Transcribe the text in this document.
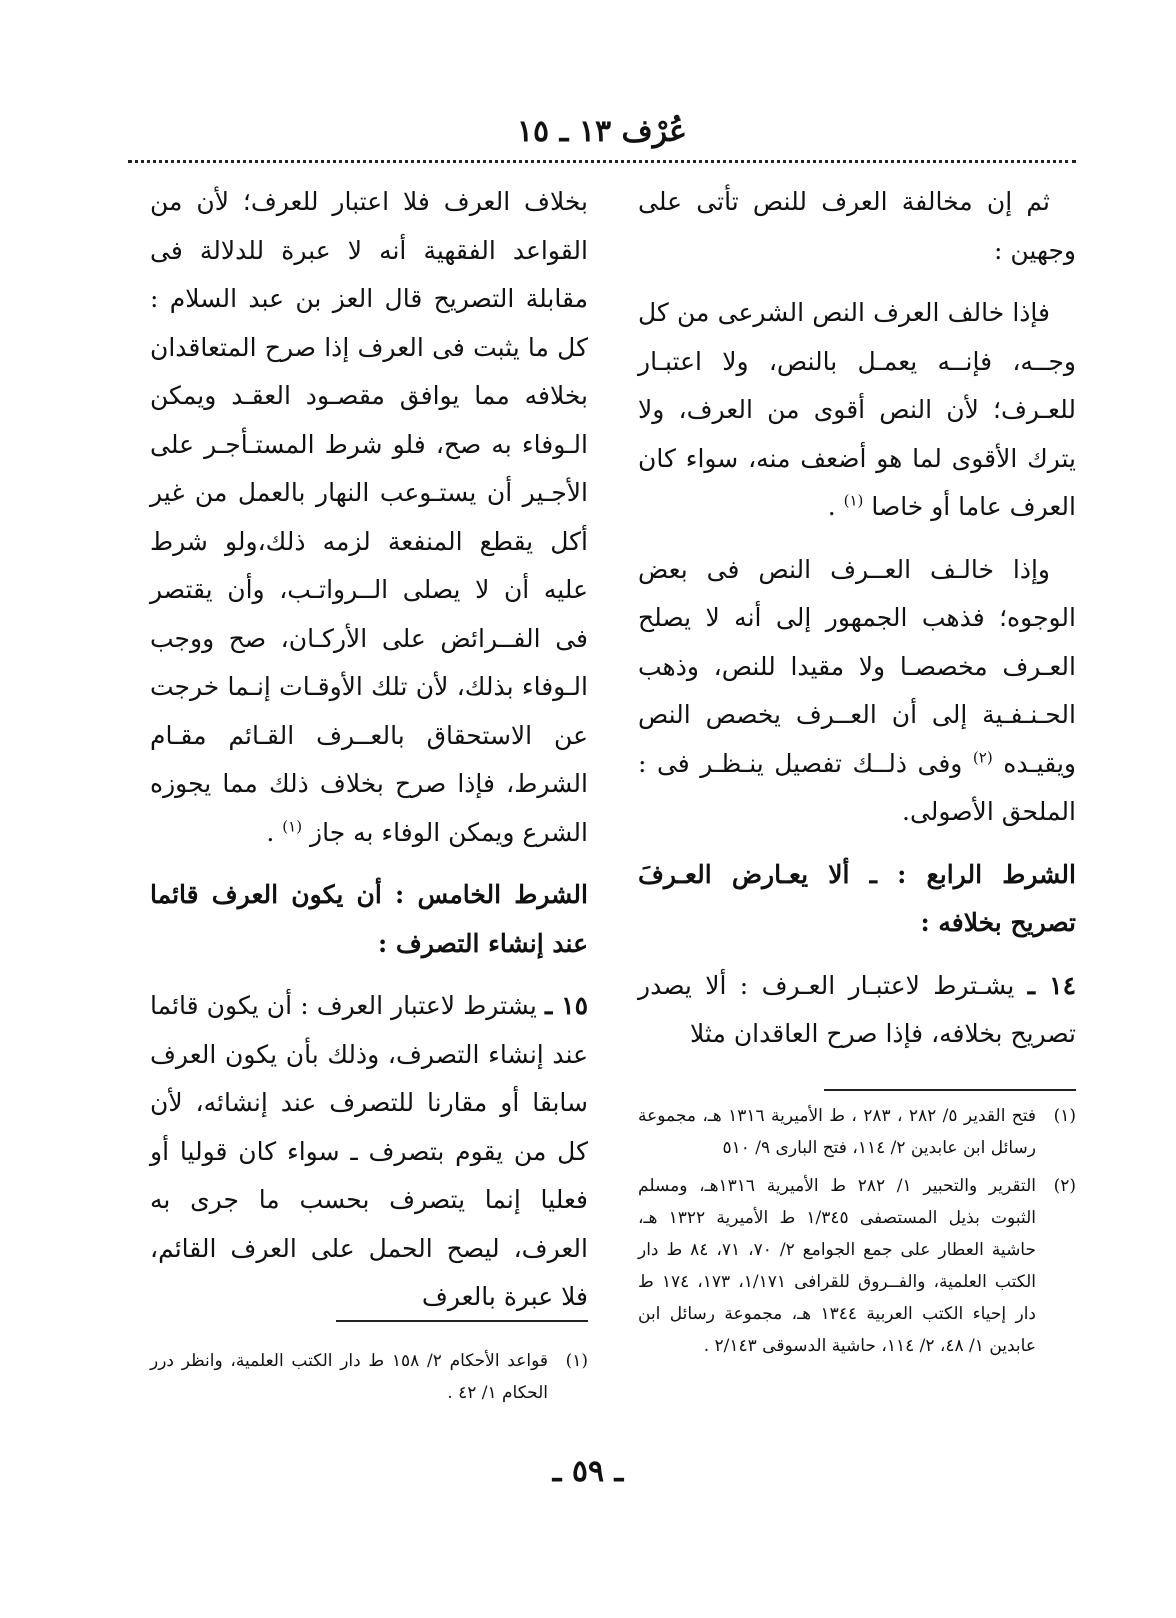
عُرْف ١٣ ـ ١٥

ثم إن مخالفة العرف للنص تأتى على وجهين :

فإذا خالف العرف النص الشرعى من كل وجــه، فإنــه يعمـل بالنص، ولا اعتبـار للعـرف؛ لأن النص أقوى من العرف، ولا يترك الأقوى لما هو أضعف منه، سواء كان العرف عاما أو خاصا $^{(١)}$ .

وإذا خالـف العــرف النص فى بعض الوجوه؛ فذهب الجمهور إلى أنه لا يصلح العـرف مخصصـا ولا مقيدا للنص، وذهب الحـنـفـية إلى أن العــرف يخصص النص ويقيـده $^{(٢)}$ وفى ذلــك تفصيل ينـظـر فى : الملحق الأصولى.

الشرط الرابع : ـ ألا يعـارض العـرفَ تصريح بخلافه :

١٤ ـ يشـترط لاعتبـار العـرف : ألا يصدر تصريح بخلافه، فإذا صرح العاقدان مثلا

بخلاف العرف فلا اعتبار للعرف؛ لأن من القواعد الفقهية أنه لا عبرة للدلالة فى مقابلة التصريح قال العز بن عبد السلام : كل ما يثبت فى العرف إذا صرح المتعاقدان بخلافه مما يوافق مقصـود العقـد ويمكن الـوفاء به صح، فلو شرط المستـأجـر على الأجـير أن يستـوعب النهار بالعمل من غير أكل يقطع المنفعة لزمه ذلك،ولو شرط عليه أن لا يصلى الــرواتـب، وأن يقتصر فى الفــرائض على الأركـان، صح ووجب الـوفاء بذلك، لأن تلك الأوقـات إنـما خرجت عن الاستحقاق بالعــرف القـائم مقـام الشرط، فإذا صرح بخلاف ذلك مما يجوزه الشرع ويمكن الوفاء به جاز $^{(١)}$ .

الشرط الخامس : أن يكون العرف قائما عند إنشاء التصرف :

١٥ ـ يشترط لاعتبار العرف : أن يكون قائما عند إنشاء التصرف، وذلك بأن يكون العرف سابقا أو مقارنا للتصرف عند إنشائه، لأن كل من يقوم بتصرف ـ سواء كان قوليا أو فعليا إنما يتصرف بحسب ما جرى به العرف، ليصح الحمل على العرف القائم، فلا عبرة بالعرف

(١)
فتح القدير ٥/ ٢٨٢ ، ٢٨٣ ، ط الأميرية ١٣١٦ هـ، مجموعة رسائل ابن عابدين ٢/ ١١٤، فتح البارى ٩/ ٥١٠

(٢)
التقرير والتحبير ١/ ٢٨٢ ط الأميرية ١٣١٦هـ، ومسلم الثبوت بذيل المستصفى ١/٣٤٥ ط الأميرية ١٣٢٢ هـ، حاشية العطار على جمع الجوامع ٢/ ٧٠، ٧١، ٨٤ ط دار الكتب العلمية، والفــروق للقرافى ١/١٧١، ١٧٣، ١٧٤ ط دار إحياء الكتب العربية ١٣٤٤ هـ، مجموعة رسائل ابن عابدين ١/ ٤٨، ٢/ ١١٤، حاشية الدسوقى ٢/١٤٣ .

(١)
قواعد الأحكام ٢/ ١٥٨ ط دار الكتب العلمية، وانظر درر الحكام ١/ ٤٢ .

ـ ٥٩ ـ
